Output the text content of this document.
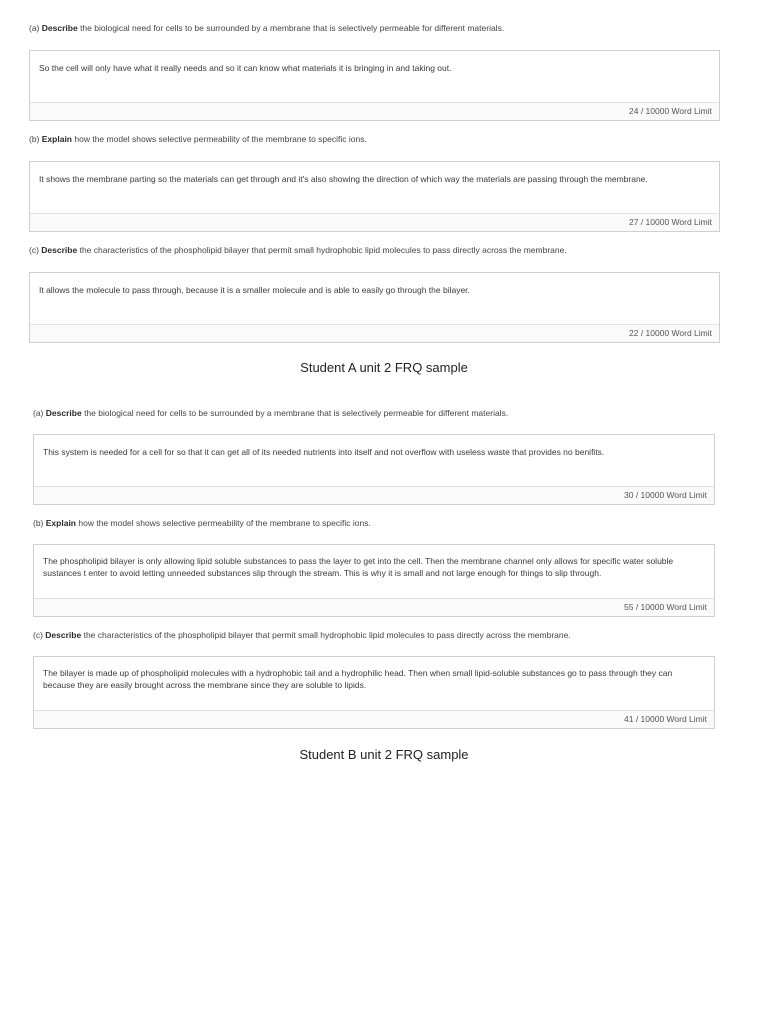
(a) Describe the biological need for cells to be surrounded by a membrane that is selectively permeable for different materials.
So the cell will only have what it really needs and so it can know what materials it is bringing in and taking out.
24 / 10000 Word Limit
(b) Explain how the model shows selective permeability of the membrane to specific ions.
It shows the membrane parting so the materials can get through and it's also showing the direction of which way the materials are passing through the membrane.
27 / 10000 Word Limit
(c) Describe the characteristics of the phospholipid bilayer that permit small hydrophobic lipid molecules to pass directly across the membrane.
It allows the molecule to pass through, because it is a smaller molecule and is able to easily go through the bilayer.
22 / 10000 Word Limit
Student A unit 2 FRQ sample
(a) Describe the biological need for cells to be surrounded by a membrane that is selectively permeable for different materials.
This system is needed for a cell for so that it can get all of its needed nutrients into itself and not overflow with useless waste that provides no benifits.
30 / 10000 Word Limit
(b) Explain how the model shows selective permeability of the membrane to specific ions.
The phospholipid bilayer is only allowing lipid soluble substances to pass the layer to get into the cell. Then the membrane channel only allows for specific water soluble sustances t enter to avoid letting unneeded substances slip through the stream. This is why it is small and not large enough for things to slip through.
55 / 10000 Word Limit
(c) Describe the characteristics of the phospholipid bilayer that permit small hydrophobic lipid molecules to pass directly across the membrane.
The bilayer is made up of phospholipid molecules with a hydrophobic tail and a hydrophilic head. Then when small lipid-soluble substances go to pass through they can because they are easily brought across the membrane since they are soluble to lipids.
41 / 10000 Word Limit
Student B unit 2 FRQ sample
